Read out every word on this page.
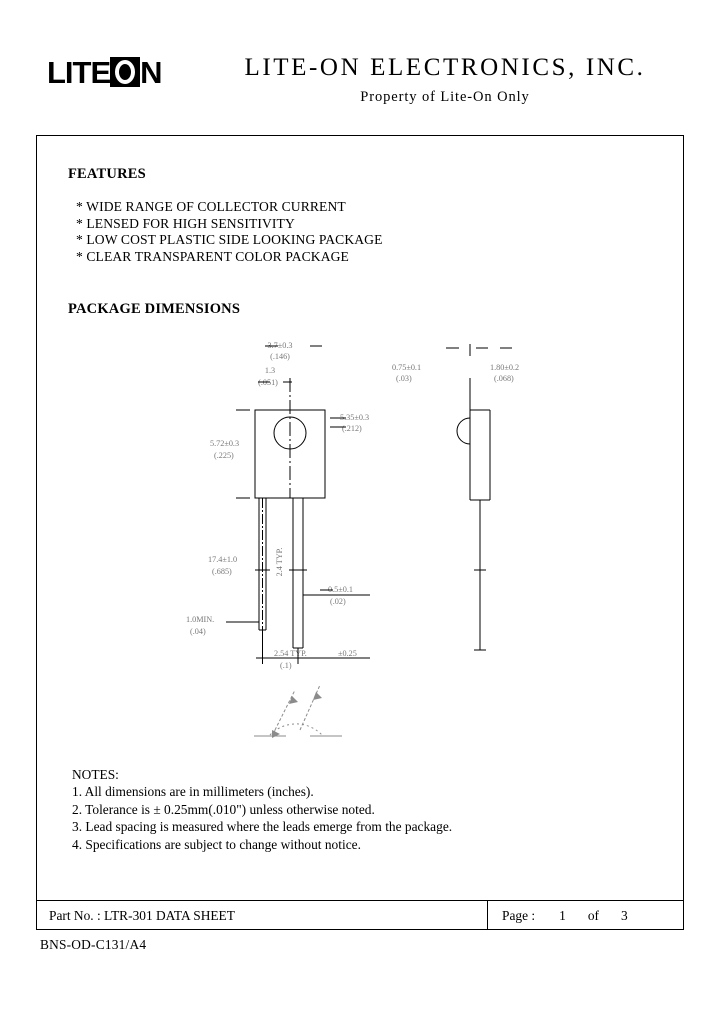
LITE N	LITE-ON ELECTRONICS, INC.
Property of Lite-On Only
FEATURES
* WIDE RANGE OF COLLECTOR CURRENT
* LENSED FOR HIGH SENSITIVITY
* LOW COST PLASTIC SIDE LOOKING PACKAGE
* CLEAR TRANSPARENT COLOR PACKAGE
PACKAGE DIMENSIONS
3.7±0.3
(.146)
1.3
(.051)
5.72±0.3
(.225)
5.35±0.3
(.212)
0.75±0.1
(.03)
1.80±0.2
(.068)
17.4±1.0
(.685)
0.5±0.1
(.02)
1.0MIN.
(.04)
2.54 TYP.	±0.25
(.1)
2.4 TYP.
NOTES:
1. All dimensions are in millimeters (inches).
2. Tolerance is ± 0.25mm(.010") unless otherwise noted.
3. Lead spacing is measured where the leads emerge from the package.
4. Specifications are subject to change without notice.
Part No. : LTR-301 DATA SHEET	Page : 1 of 3
BNS-OD-C131/A4
